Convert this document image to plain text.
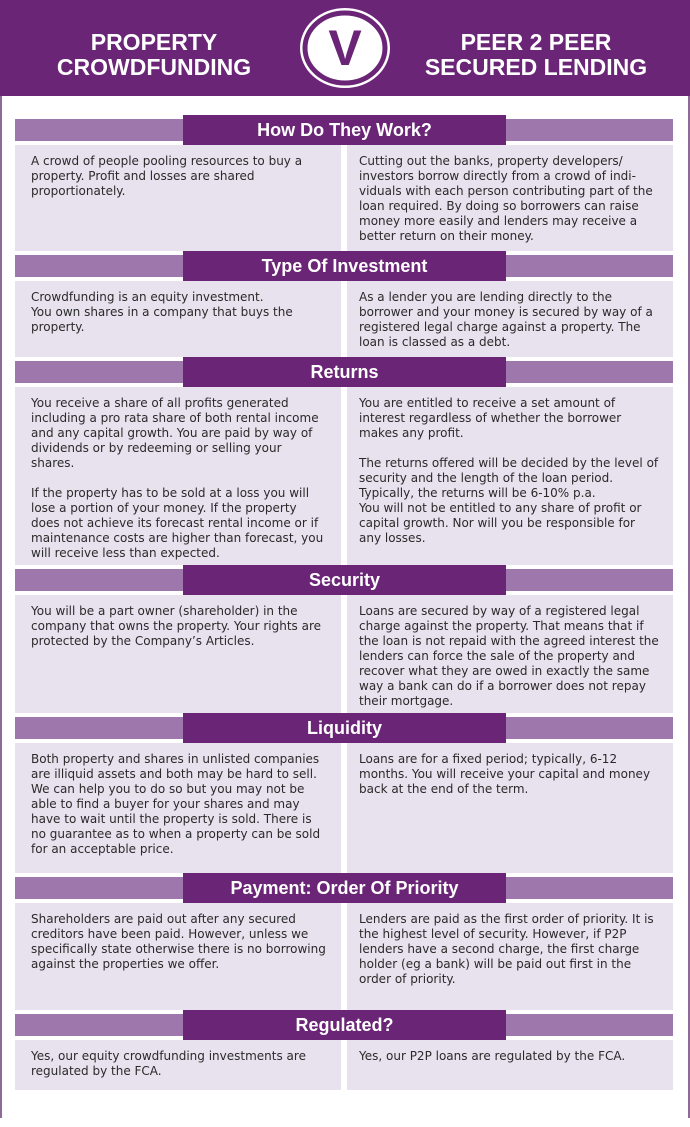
PROPERTY
CROWDFUNDING	V	PEER 2 PEER
SECURED LENDING
How Do They Work?

A crowd of people pooling resources to buy a property. Profit and losses are shared proportionately.

Cutting out the banks, property developers/ investors borrow directly from a crowd of indi-viduals with each person contributing part of the loan required. By doing so borrowers can raise money more easily and lenders may receive a better return on their money.

Type Of Investment

Crowdfunding is an equity investment.
You own shares in a company that buys the property.

As a lender you are lending directly to the borrower and your money is secured by way of a registered legal charge against a property. The loan is classed as a debt.

Returns

You receive a share of all profits generated including a pro rata share of both rental income and any capital growth. You are paid by way of dividends or by redeeming or selling your shares.

If the property has to be sold at a loss you will lose a portion of your money. If the property does not achieve its forecast rental income or if maintenance costs are higher than forecast, you will receive less than expected.

You are entitled to receive a set amount of interest regardless of whether the borrower makes any profit.

The returns offered will be decided by the level of security and the length of the loan period. Typically, the returns will be 6-10% p.a.
You will not be entitled to any share of profit or capital growth. Nor will you be responsible for any losses.

Security

You will be a part owner (shareholder) in the company that owns the property. Your rights are protected by the Company’s Articles.

Loans are secured by way of a registered legal charge against the property. That means that if the loan is not repaid with the agreed interest the lenders can force the sale of the property and recover what they are owed in exactly the same way a bank can do if a borrower does not repay their mortgage.

Liquidity

Both property and shares in unlisted companies are illiquid assets and both may be hard to sell. We can help you to do so but you may not be able to find a buyer for your shares and may have to wait until the property is sold. There is no guarantee as to when a property can be sold for an acceptable price.

Loans are for a fixed period; typically, 6-12 months. You will receive your capital and money back at the end of the term.

Payment: Order Of Priority

Shareholders are paid out after any secured creditors have been paid. However, unless we specifically state otherwise there is no borrowing against the properties we offer.

Lenders are paid as the first order of priority. It is the highest level of security. However, if P2P lenders have a second charge, the first charge holder (eg a bank) will be paid out first in the order of priority.

Regulated?

Yes, our equity crowdfunding investments are regulated by the FCA.

Yes, our P2P loans are regulated by the FCA.
